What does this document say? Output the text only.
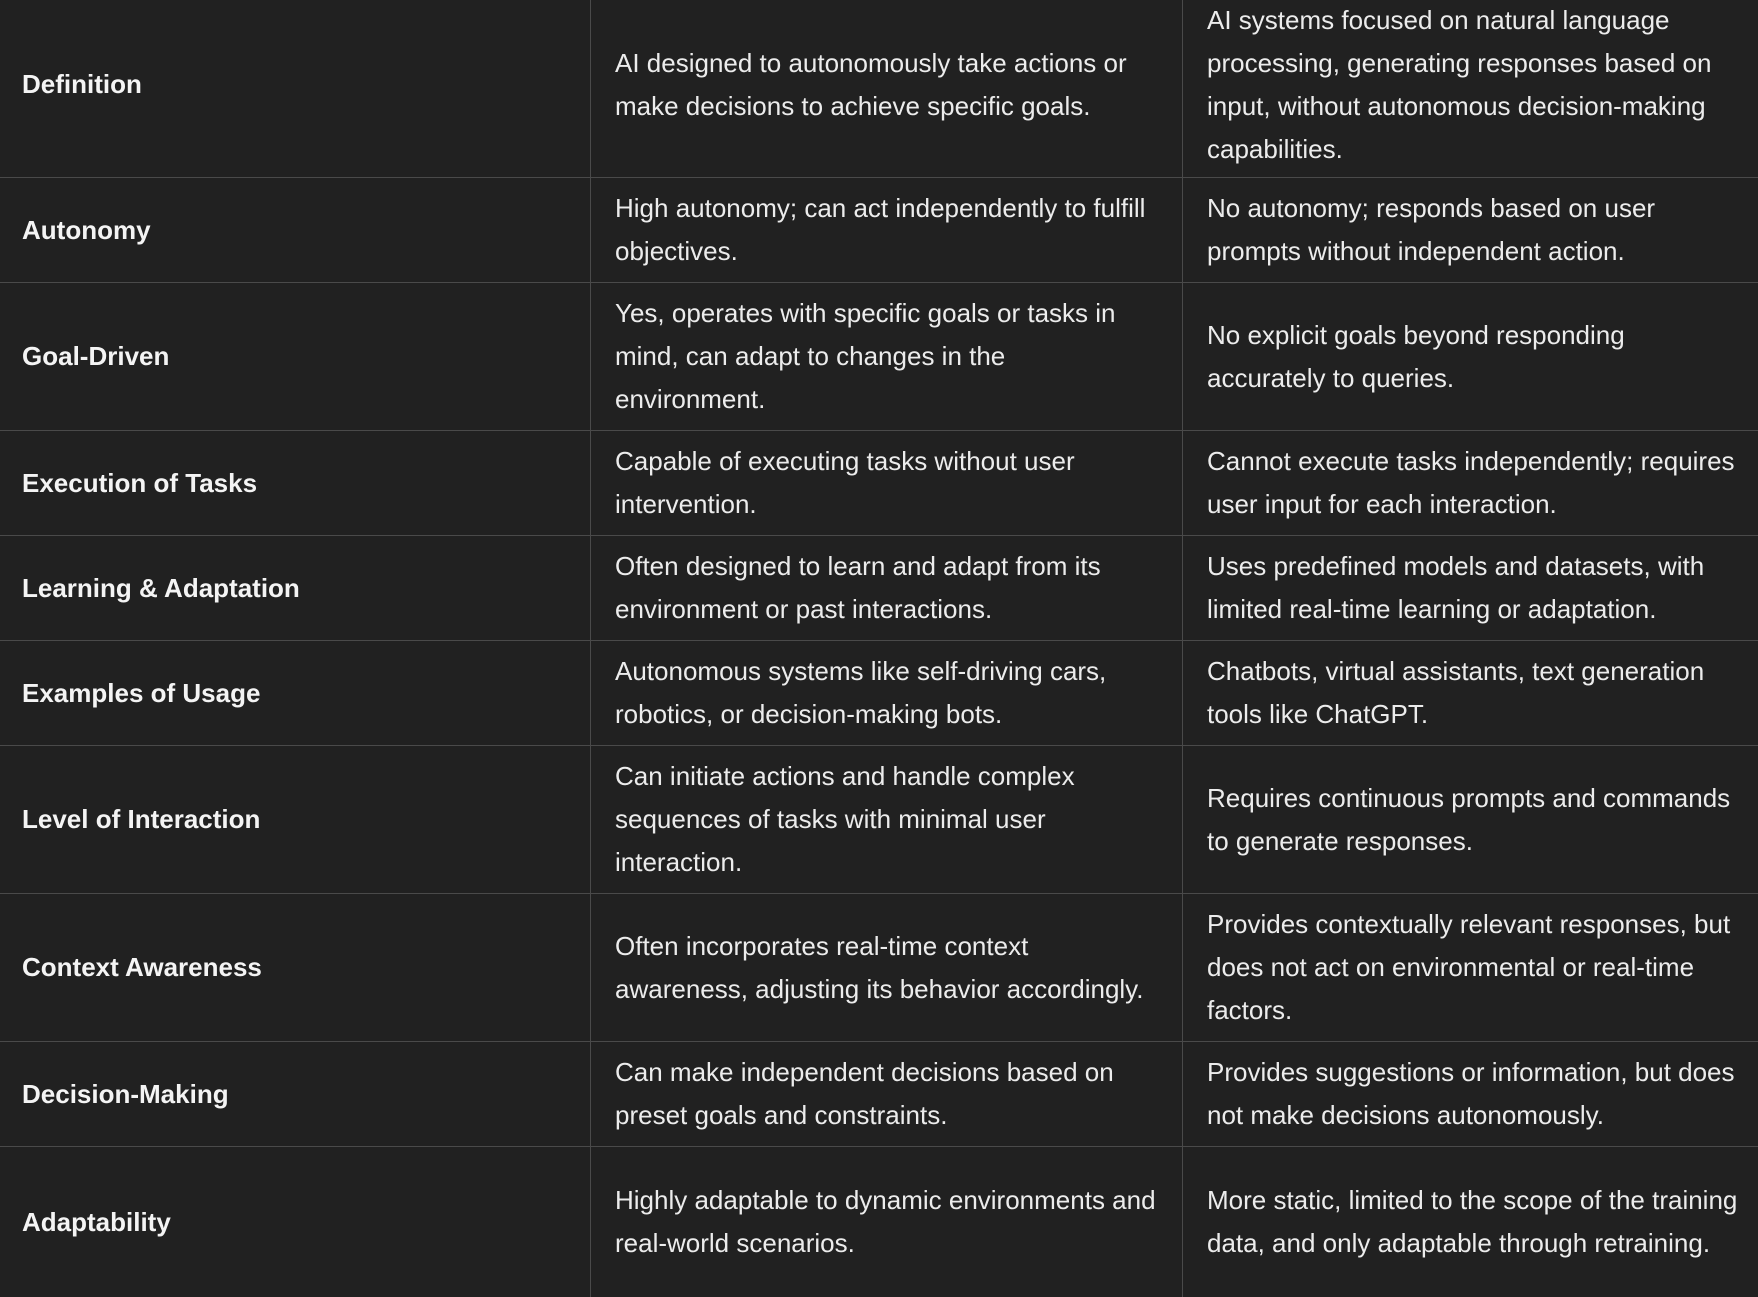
Definition
AI designed to autonomously take actions or make decisions to achieve specific goals.
AI systems focused on natural language processing, generating responses based on input, without autonomous decision-making capabilities.
Autonomy
High autonomy; can act independently to fulfill objectives.
No autonomy; responds based on user prompts without independent action.
Goal-Driven
Yes, operates with specific goals or tasks in mind, can adapt to changes in the environment.
No explicit goals beyond responding accurately to queries.
Execution of Tasks
Capable of executing tasks without user intervention.
Cannot execute tasks independently; requires user input for each interaction.
Learning & Adaptation
Often designed to learn and adapt from its environment or past interactions.
Uses predefined models and datasets, with limited real-time learning or adaptation.
Examples of Usage
Autonomous systems like self-driving cars, robotics, or decision-making bots.
Chatbots, virtual assistants, text generation tools like ChatGPT.
Level of Interaction
Can initiate actions and handle complex sequences of tasks with minimal user interaction.
Requires continuous prompts and commands to generate responses.
Context Awareness
Often incorporates real-time context awareness, adjusting its behavior accordingly.
Provides contextually relevant responses, but does not act on environmental or real-time factors.
Decision-Making
Can make independent decisions based on preset goals and constraints.
Provides suggestions or information, but does not make decisions autonomously.
Adaptability
Highly adaptable to dynamic environments and real-world scenarios.
More static, limited to the scope of the training data, and only adaptable through retraining.
